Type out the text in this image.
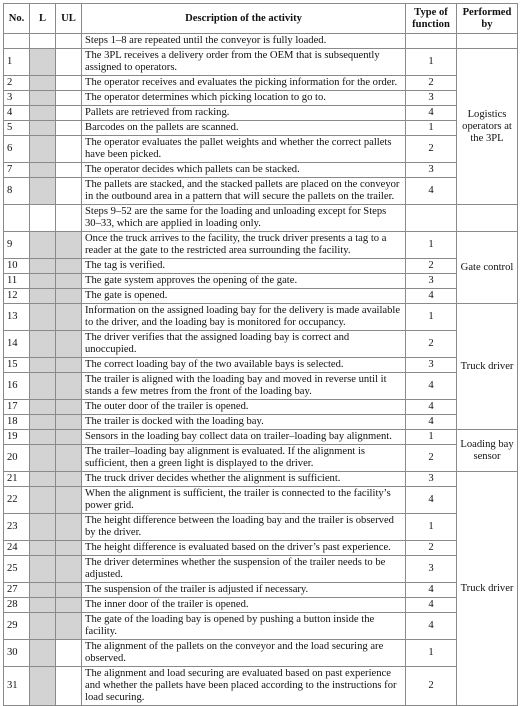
No.	L	UL	Description of the activity	Type of function	Performed by
			Steps 1–8 are repeated until the conveyor is fully loaded.		
1			The 3PL receives a delivery order from the OEM that is subsequently assigned to operators.	1	Logistics operators at the 3PL
2			The operator receives and evaluates the picking information for the order.	2	
3			The operator determines which picking location to go to.	3	
4			Pallets are retrieved from racking.	4	
5			Barcodes on the pallets are scanned.	1	
6			The operator evaluates the pallet weights and whether the correct pallets have been picked.	2	
7			The operator decides which pallets can be stacked.	3	
8			The pallets are stacked, and the stacked pallets are placed on the conveyor in the outbound area in a pattern that will secure the pallets on the trailer.	4	
			Steps 9–52 are the same for the loading and unloading except for Steps 30–33, which are applied in loading only.		
9			Once the truck arrives to the facility, the truck driver presents a tag to a reader at the gate to the restricted area surrounding the facility.	1	Gate control
10			The tag is verified.	2	
11			The gate system approves the opening of the gate.	3	
12			The gate is opened.	4	
13			Information on the assigned loading bay for the delivery is made available to the driver, and the loading bay is monitored for occupancy.	1	Truck driver
14			The driver verifies that the assigned loading bay is correct and unoccupied.	2	
15			The correct loading bay of the two available bays is selected.	3	
16			The trailer is aligned with the loading bay and moved in reverse until it stands a few metres from the front of the loading bay.	4	
17			The outer door of the trailer is opened.	4	
18			The trailer is docked with the loading bay.	4	
19			Sensors in the loading bay collect data on trailer–loading bay alignment.	1	Loading bay sensor
20			The trailer–loading bay alignment is evaluated. If the alignment is sufficient, then a green light is displayed to the driver.	2	
21			The truck driver decides whether the alignment is sufficient.	3	Truck driver
22			When the alignment is sufficient, the trailer is connected to the facility’s power grid.	4	
23			The height difference between the loading bay and the trailer is observed by the driver.	1	
24			The height difference is evaluated based on the driver’s past experience.	2	
25			The driver determines whether the suspension of the trailer needs to be adjusted.	3	
27			The suspension of the trailer is adjusted if necessary.	4	
28			The inner door of the trailer is opened.	4	
29			The gate of the loading bay is opened by pushing a button inside the facility.	4	
30			The alignment of the pallets on the conveyor and the load securing are observed.	1	
31			The alignment and load securing are evaluated based on past experience and whether the pallets have been placed according to the instructions for load securing.	2	
